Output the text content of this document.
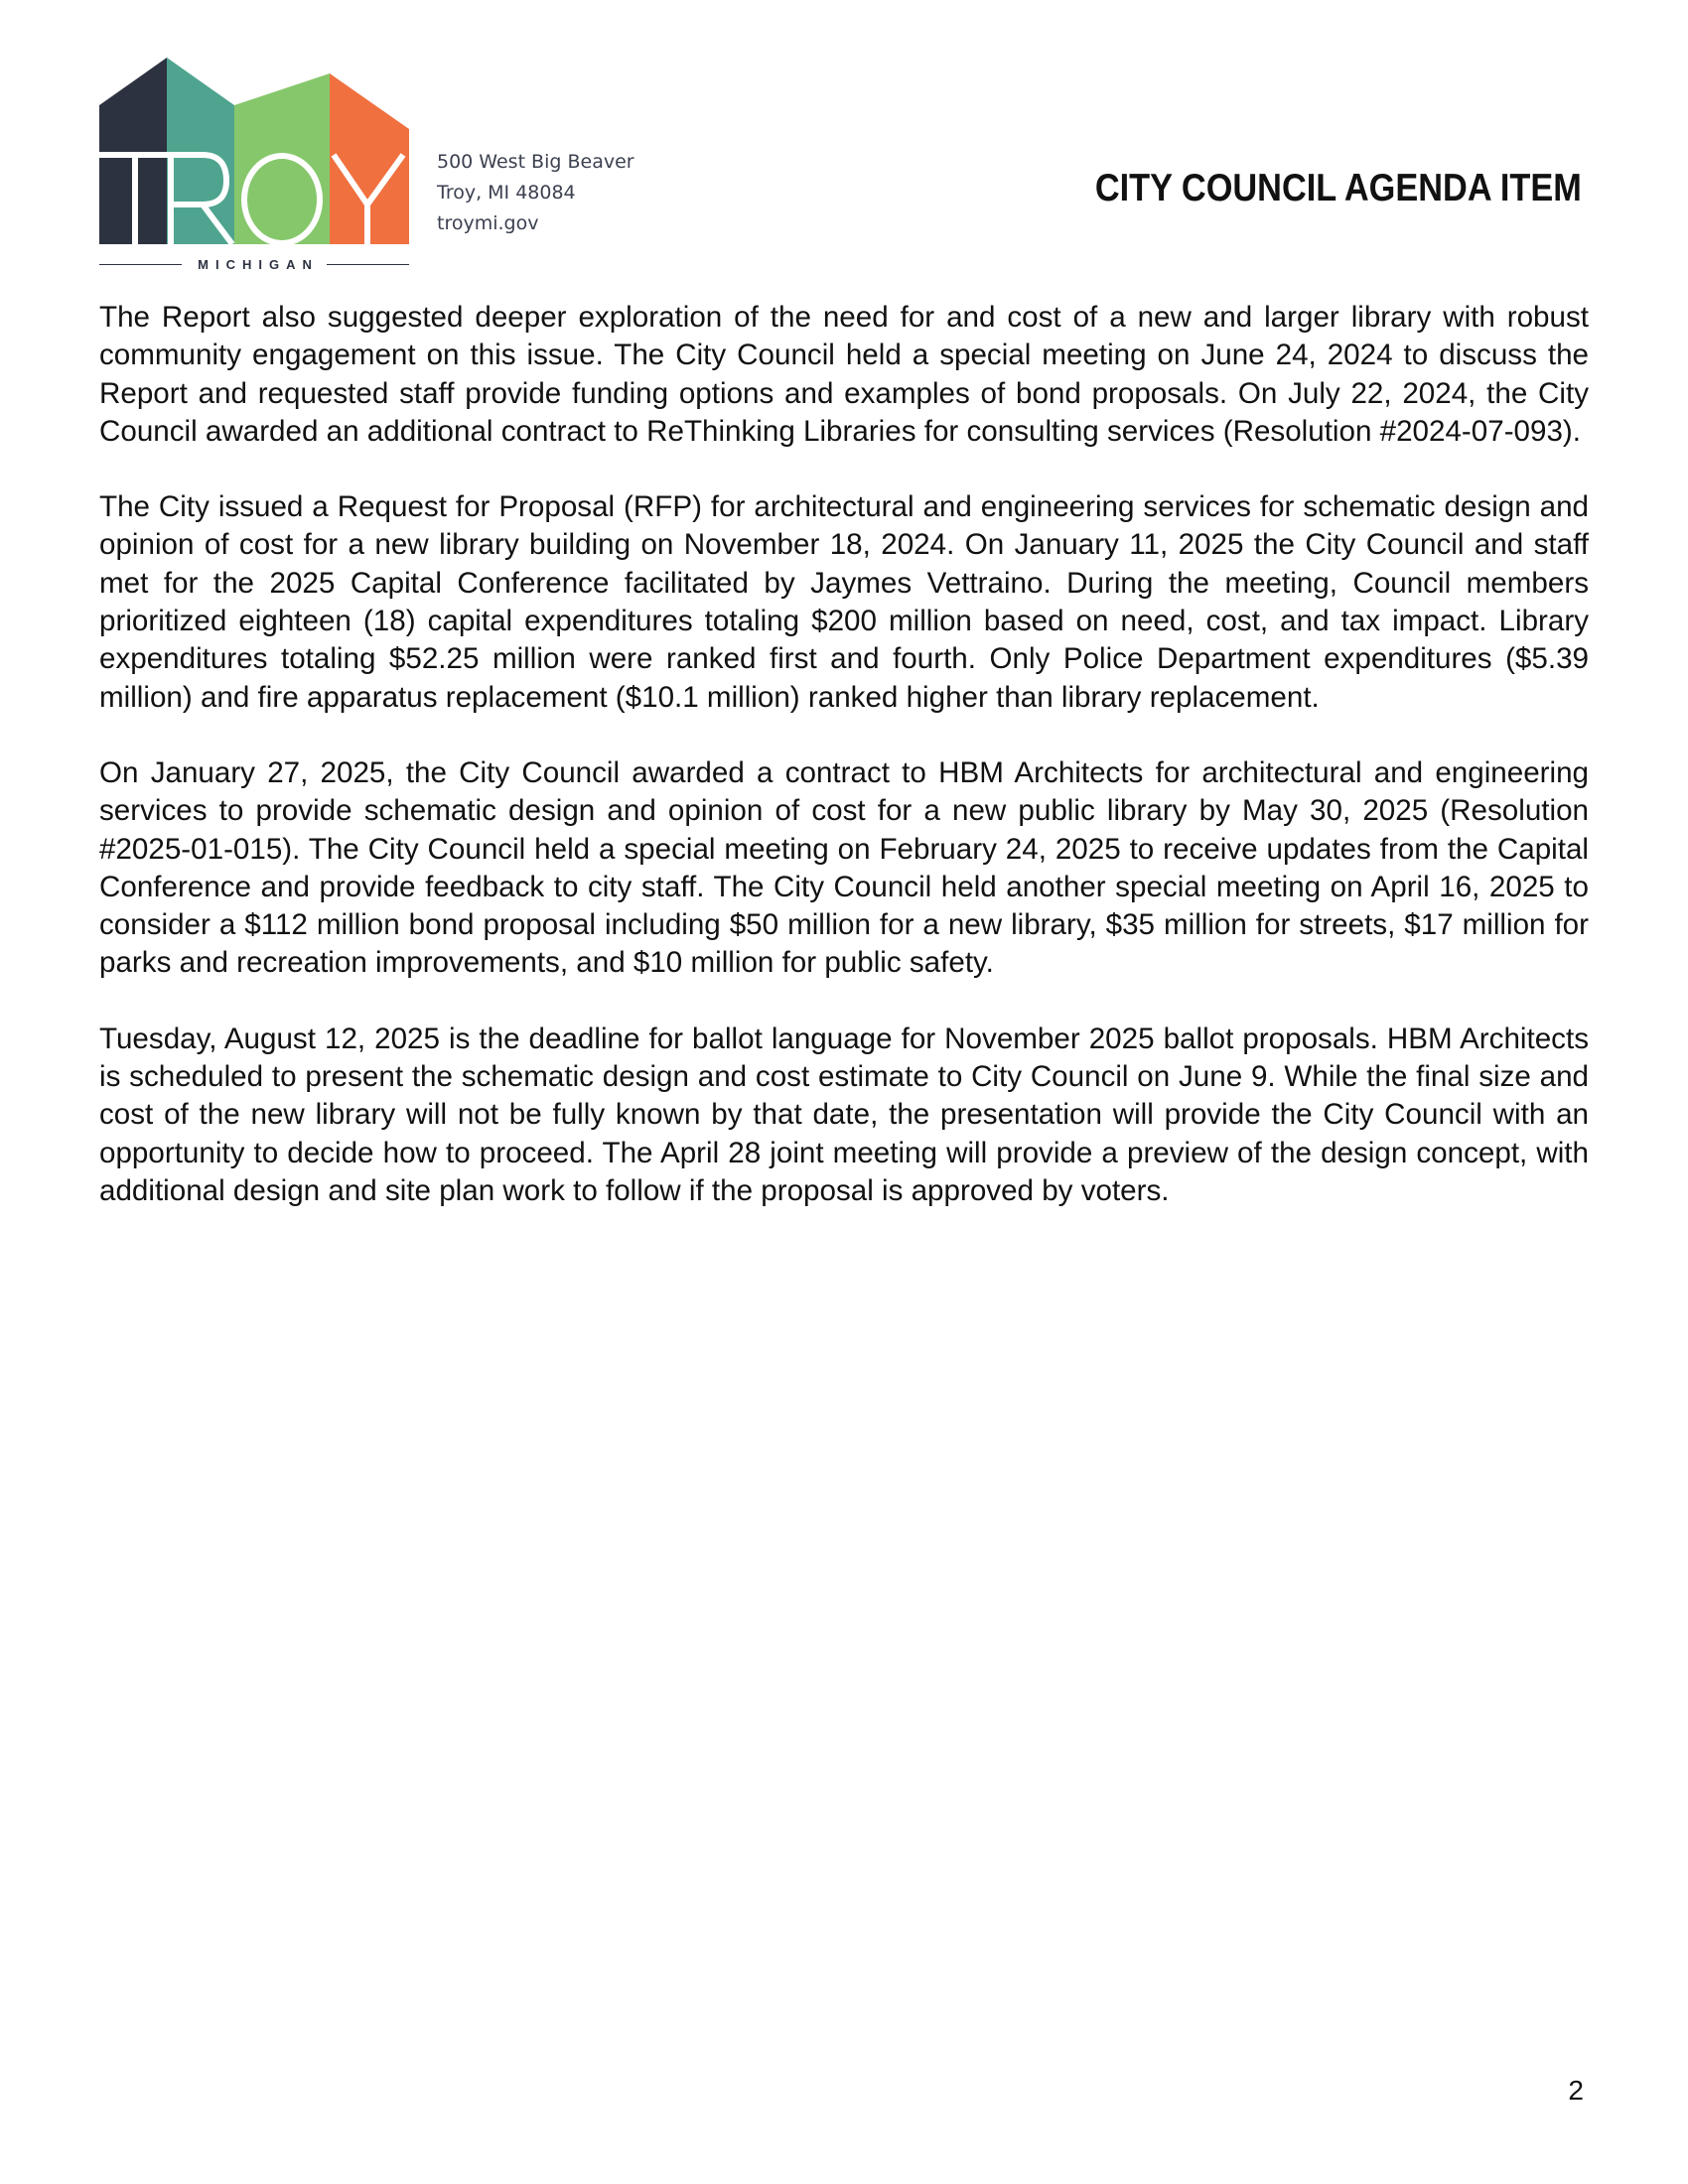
MICHIGAN
500 West Big Beaver
Troy, MI 48084
troymi.gov
CITY COUNCIL AGENDA ITEM

The Report also suggested deeper exploration of the need for and cost of a new and larger library with robust community engagement on this issue. The City Council held a special meeting on June 24, 2024 to discuss the Report and requested staff provide funding options and examples of bond proposals. On July 22, 2024, the City Council awarded an additional contract to ReThinking Libraries for consulting services (Resolution #2024-07-093).

The City issued a Request for Proposal (RFP) for architectural and engineering services for schematic design and opinion of cost for a new library building on November 18, 2024. On January 11, 2025 the City Council and staff met for the 2025 Capital Conference facilitated by Jaymes Vettraino. During the meeting, Council members prioritized eighteen (18) capital expenditures totaling $200 million based on need, cost, and tax impact. Library expenditures totaling $52.25 million were ranked first and fourth. Only Police Department expenditures ($5.39 million) and fire apparatus replacement ($10.1 million) ranked higher than library replacement.

On January 27, 2025, the City Council awarded a contract to HBM Architects for architectural and engineering services to provide schematic design and opinion of cost for a new public library by May 30, 2025 (Resolution #2025-01-015). The City Council held a special meeting on February 24, 2025 to receive updates from the Capital Conference and provide feedback to city staff. The City Council held another special meeting on April 16, 2025 to consider a $112 million bond proposal including $50 million for a new library, $35 million for streets, $17 million for parks and recreation improvements, and $10 million for public safety.

Tuesday, August 12, 2025 is the deadline for ballot language for November 2025 ballot proposals. HBM Architects is scheduled to present the schematic design and cost estimate to City Council on June 9. While the final size and cost of the new library will not be fully known by that date, the presentation will provide the City Council with an opportunity to decide how to proceed. The April 28 joint meeting will provide a preview of the design concept, with additional design and site plan work to follow if the proposal is approved by voters.

2
